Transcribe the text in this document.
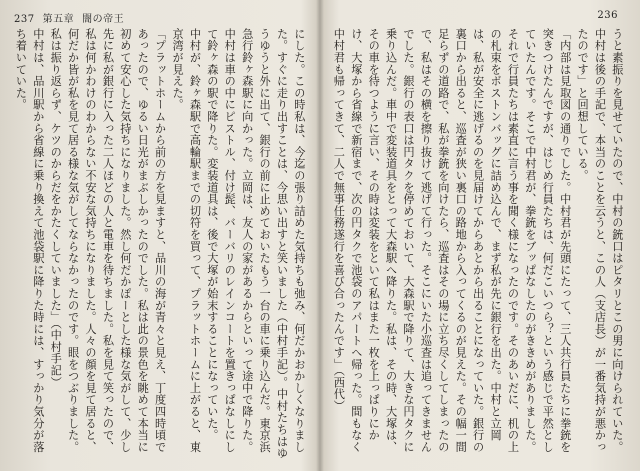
237 第五章 闇の帝王	236
にした。この時私は、今迄の張り詰めた気持ちも弛み、何だかおかしくなりました。すぐに走り出すことは、今思い出すと笑いました（中村手記）。中村たちはゆうゆうと外に出て、銀行の前に止めておいたもう一台の車に乗り込んだ。東京浜急行鈴ヶ森駅に向かった。立岡は、友人の家があるからといって途中で降りた。中村は車の中にピストル、付け髭、バーバリのレインコートを置きっぱなしにして鈴ヶ森の駅で降りた。変装道具は、後で大塚が始末することになっていた。
中村が、鈴ヶ森駅で高輪駅までの切符を買って、プラットホームに上がると、東京湾が見えた。
「プラットホームから前の方を見ますと、品川の海が青々と見え、丁度四時頃であったので、ゆるい日光がまぶしかったのでした。私は此の景色を眺めて本当に初めて安心した気持ちになりました。然し何だかぽーとした様な気がして、少し先に私が銀行に入った二人ほどの人と電車を待ちました。私を見て笑ったので、私は何かわけのわからない不安な気持ちになりました。人々の顔を見て居ると、何だか皆が私を見て居る様な気がしてならなかったのです。眼をつぶりました。私は振り返らず、ケツのからだをかたくしていました」（中村手記）
中村は、品川駅から省線に乗り換えて池袋駅に降りた時には、すっかり気分が落ち着いていた。	うと素振りを見せていたので、中村の銃口はピタリとこの男に向けられていた。中村は後の手記で、本当のことを云うと、この人（支店長）が一番気持が悪かったのです」と回想している。
「内部は見取図の通りでした。中村君が先頭にたって、三人共行員たちに拳銃を突きつけたんですが、はじめ行員たちは、何だこいつら？という感じで平然としていたんです。そこで中村君が、拳銃をブッぱなしたのがききめがありました。それで行員たちは素直に言う事を聞く様になったのです。そのあいだに、机の上の札束をボストンバッグに詰め込んで、まず私が先に銀行を出た。中村と立岡は、私が安全に逃げるのを見届けてからあとから出ることになっていた。銀行の裏口から出ると、巡査が狭い裏口の路地から入ってくるのが見えた。その幅一間足らずの道路で、私が拳銃を向けたら、巡査はその場に立ち尽くしてしまったので、私はその横を擦り抜けて逃げて行った。そこにいた小巡査は追ってきませんでした。銀行の表口は円タクを停めておいて、大森駅で降りて、大きな円タクに乗り込んだ。車中で変装道具をとって大森駅へ降りた。私は、その時、大塚は、その車を待つように言い、その時は変装をといて私はまた一枚を上っぱりにかけ、大塚から省線で新宿まで、次の円タクで池袋のアパートへ帰った。間もなく中村君も帰ってきて、二人で無事任務遂行を喜び合ったんです」（西代）
